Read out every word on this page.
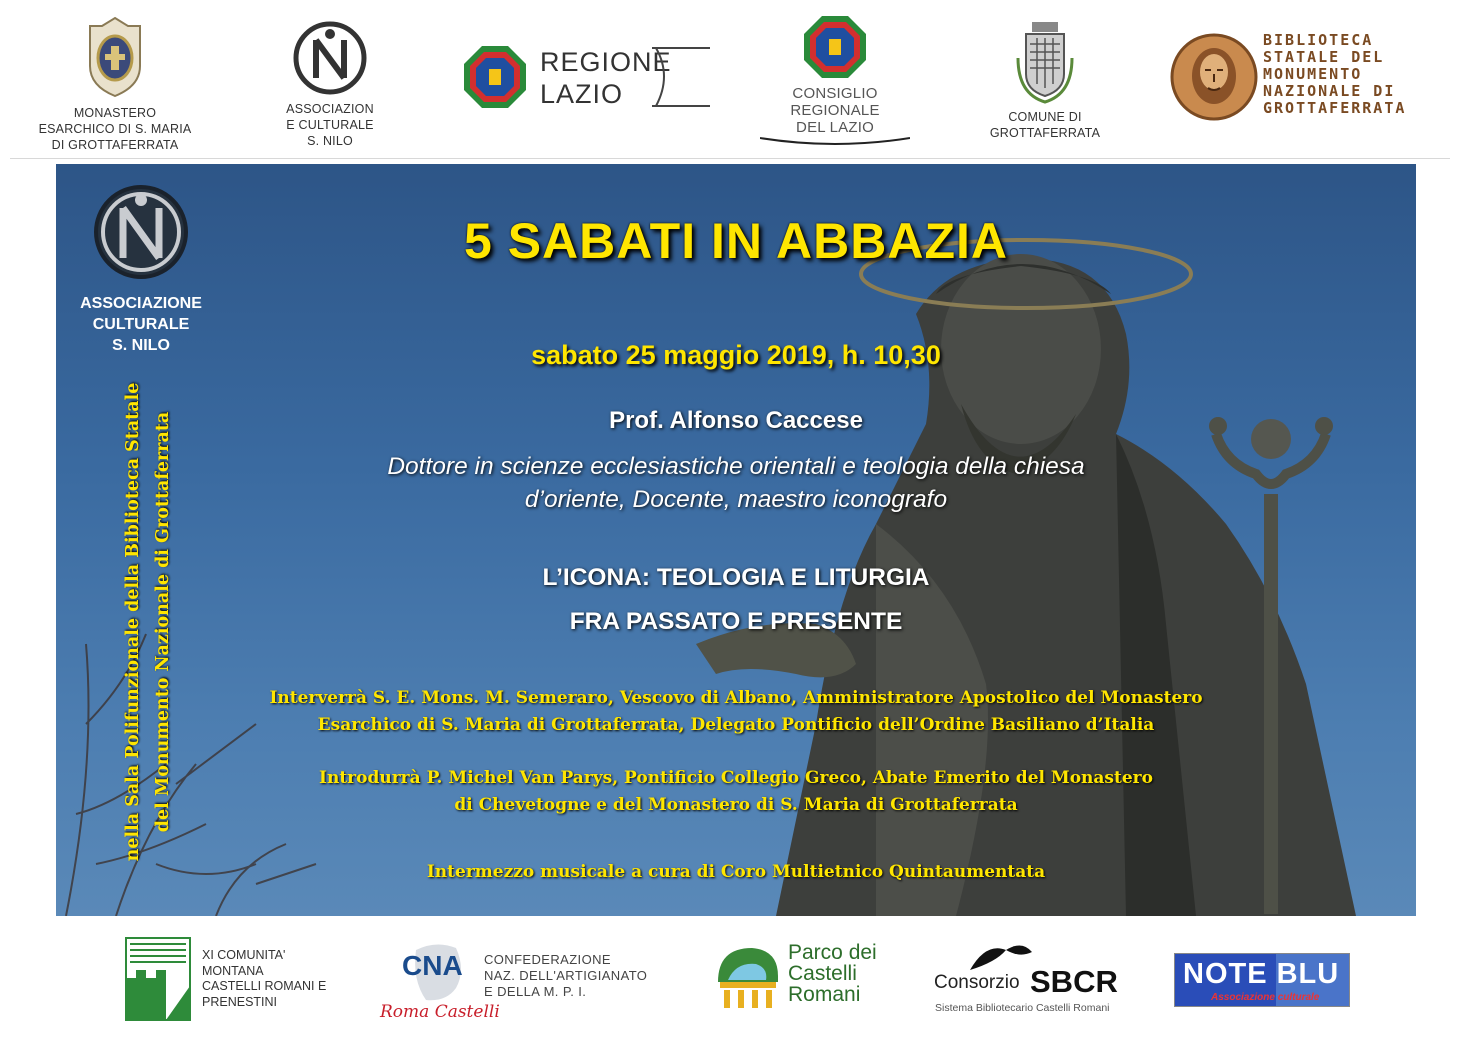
MONASTERO
ESARCHICO DI S. MARIA
DI GROTTAFERRATA
ASSOCIAZION
E CULTURALE
S. NILO
REGIONE
LAZIO	CONSIGLIO
REGIONALE
DEL LAZIO
COMUNE DI
GROTTAFERRATA
BIBLIOTECA
STATALE DEL
MONUMENTO
NAZIONALE DI
GROTTAFERRATA
ASSOCIAZIONE
CULTURALE
S. NILO
nella Sala Polifunzionale della Biblioteca Statale del Monumento Nazionale di Grottaferrata
5 SABATI IN ABBAZIA
sabato 25 maggio 2019, h. 10,30
Prof. Alfonso Caccese
Dottore in scienze ecclesiastiche orientali e teologia della chiesa
d’oriente, Docente, maestro iconografo
L’ICONA: TEOLOGIA E LITURGIA
FRA PASSATO E PRESENTE
Interverrà S. E. Mons. M. Semeraro, Vescovo di Albano, Amministratore Apostolico del Monastero
Esarchico di S. Maria di Grottaferrata, Delegato Pontificio dell’Ordine Basiliano d’Italia
Introdurrà P. Michel Van Parys, Pontificio Collegio Greco, Abate Emerito del Monastero
di Chevetogne e del Monastero di S. Maria di Grottaferrata
Intermezzo musicale a cura di Coro Multietnico Quintaumentata
XI COMUNITA'
MONTANA
CASTELLI ROMANI E
PRENESTINI
CNA
Roma Castelli
CONFEDERAZIONE
NAZ. DELL'ARTIGIANATO
E DELLA M. P. I.
Parco dei
Castelli
Romani
Consorzio SBCR
Sistema Bibliotecario Castelli Romani
NOTE BLU
Associazione culturale
